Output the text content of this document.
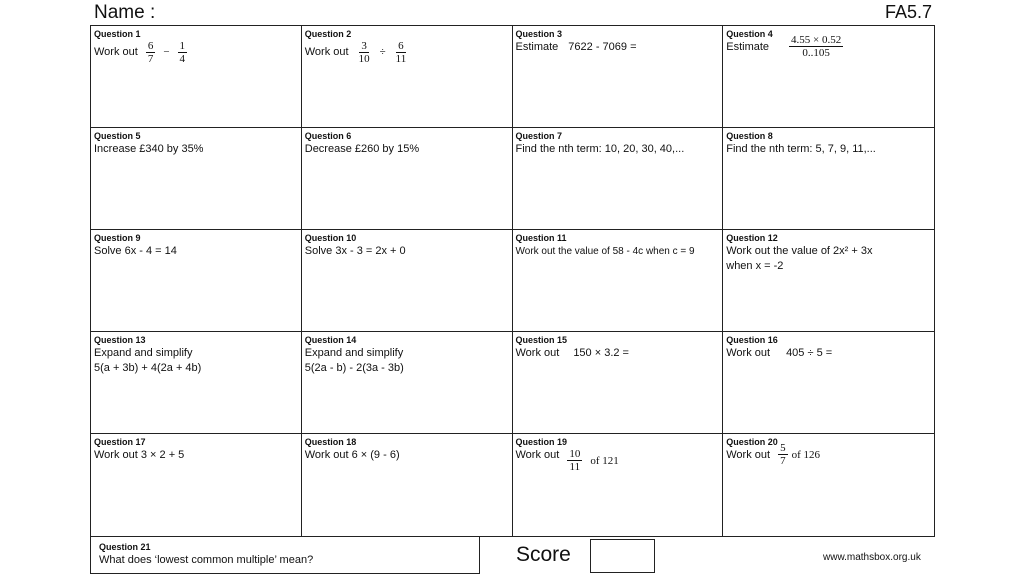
Name :	FA5.7
Question 1
Work out $\frac{6}{7} - \frac{1}{4}$
Question 2
Work out $\frac{3}{10} \div \frac{6}{11}$
Question 3
Estimate 7622 - 7069 =
Question 4
Estimate $\frac{4.55 \times 0.52}{0..105}$
Question 5
Increase £340 by 35%
Question 6
Decrease £260 by 15%
Question 7
Find the nth term: 10, 20, 30, 40,...
Question 8
Find the nth term: 5, 7, 9, 11,...
Question 9
Solve 6x - 4 = 14
Question 10
Solve 3x - 3 = 2x + 0
Question 11
Work out the value of 58 - 4c when c = 9
Question 12
Work out the value of 2x² + 3x
when x = -2
Question 13
Expand and simplify
5(a + 3b) + 4(2a + 4b)
Question 14
Expand and simplify
5(2a - b) - 2(3a - 3b)
Question 15
Work out 150 × 3.2 =
Question 16
Work out 405 ÷ 5 =
Question 17
Work out 3 × 2 + 5
Question 18
Work out 6 × (9 - 6)
Question 19
Work out $\frac{10}{11}$ of 121
Question 20
Work out $\frac{5}{7}$ of 126
Question 21
What does ‘lowest common multiple’ mean?	Score	www.mathsbox.org.uk
